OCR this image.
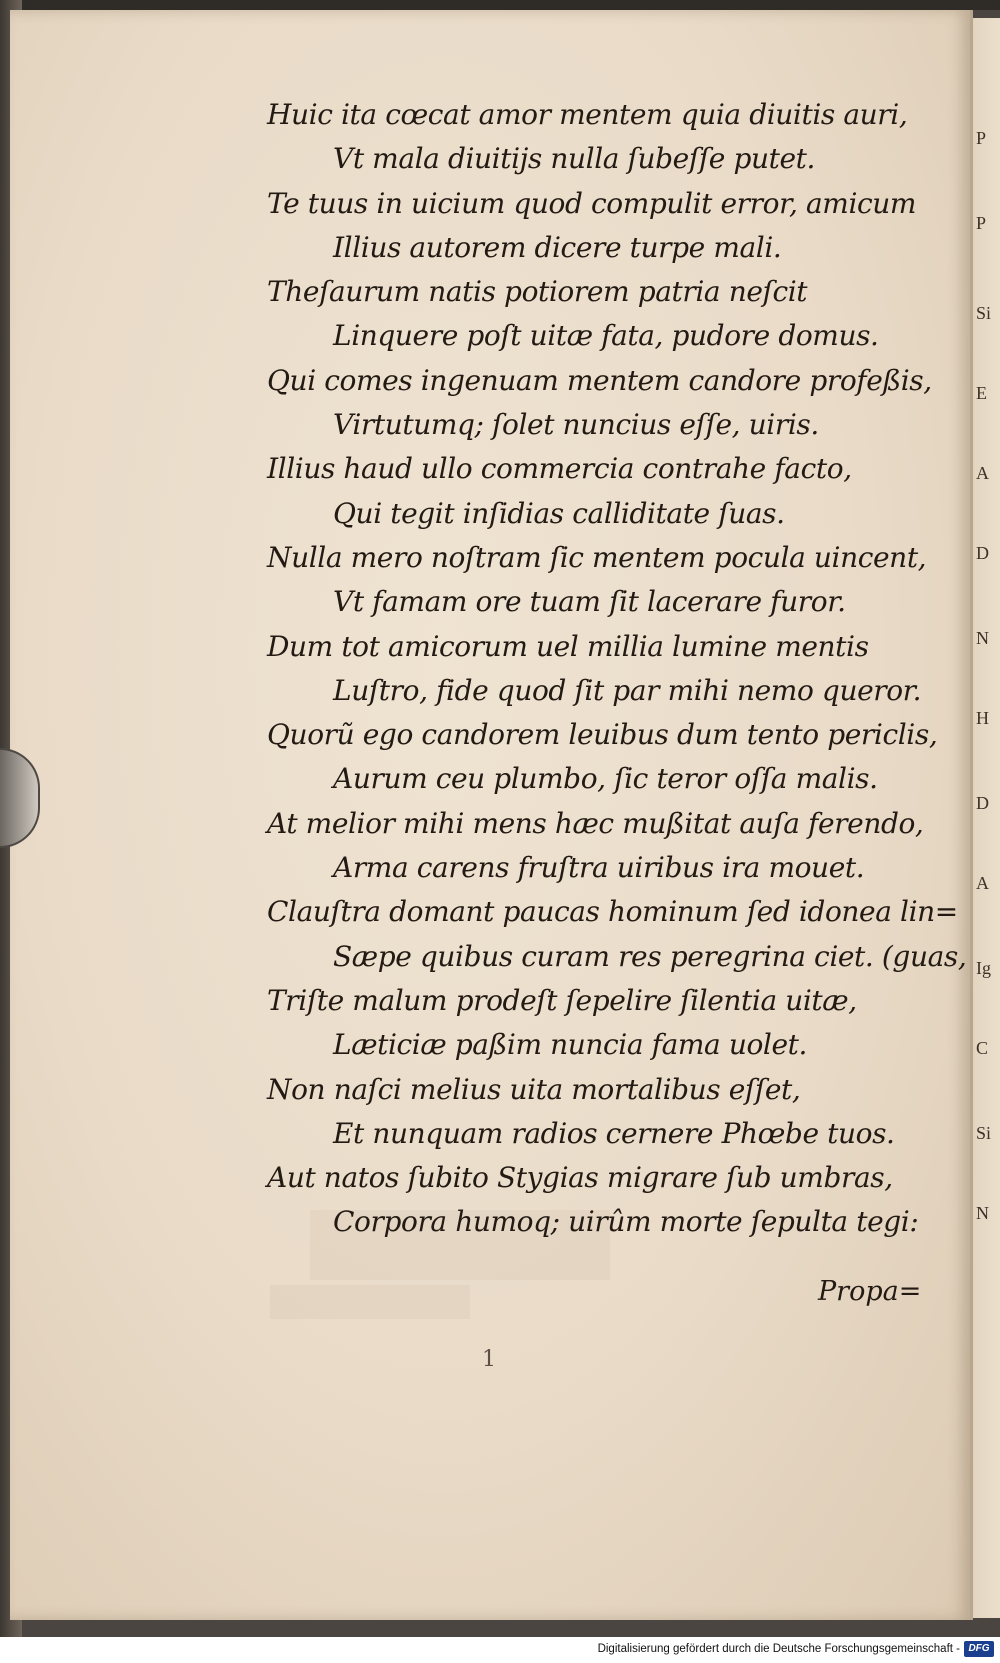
P
P
Si
E
A
D
N
H
D
A
Ig
C
Si
N
Huic ita cœcat amor mentem quia diuitis auri,
Vt mala diuitijs nulla ſubeſſe putet.
Te tuus in uicium quod compulit error, amicum
Illius autorem dicere turpe mali.
Theſaurum natis potiorem patria neſcit
Linquere poſt uitæ fata, pudore domus.
Qui comes ingenuam mentem candore profeßis,
Virtutumq; ſolet nuncius eſſe, uiris.
Illius haud ullo commercia contrahe facto,
Qui tegit inſidias calliditate ſuas.
Nulla mero noſtram ſic mentem pocula uincent,
Vt famam ore tuam ſit lacerare furor.
Dum tot amicorum uel millia lumine mentis
Luſtro, fide quod ſit par mihi nemo queror.
Quorũ ego candorem leuibus dum tento periclis,
Aurum ceu plumbo, ſic teror oſſa malis.
At melior mihi mens hæc mußitat auſa ferendo,
Arma carens fruſtra uiribus ira mouet.
Clauſtra domant paucas hominum ſed idonea lin=
Sæpe quibus curam res peregrina ciet. (guas,
Triſte malum prodeſt ſepelire ſilentia uitæ,
Læticiæ paßim nuncia fama uolet.
Non naſci melius uita mortalibus eſſet,
Et nunquam radios cernere Phœbe tuos.
Aut natos ſubito Stygias migrare ſub umbras,
Corpora humoq; uirûm morte ſepulta tegi:
Propa=
1
Digitalisierung gefördert durch die Deutsche Forschungsgemeinschaft - DFG
